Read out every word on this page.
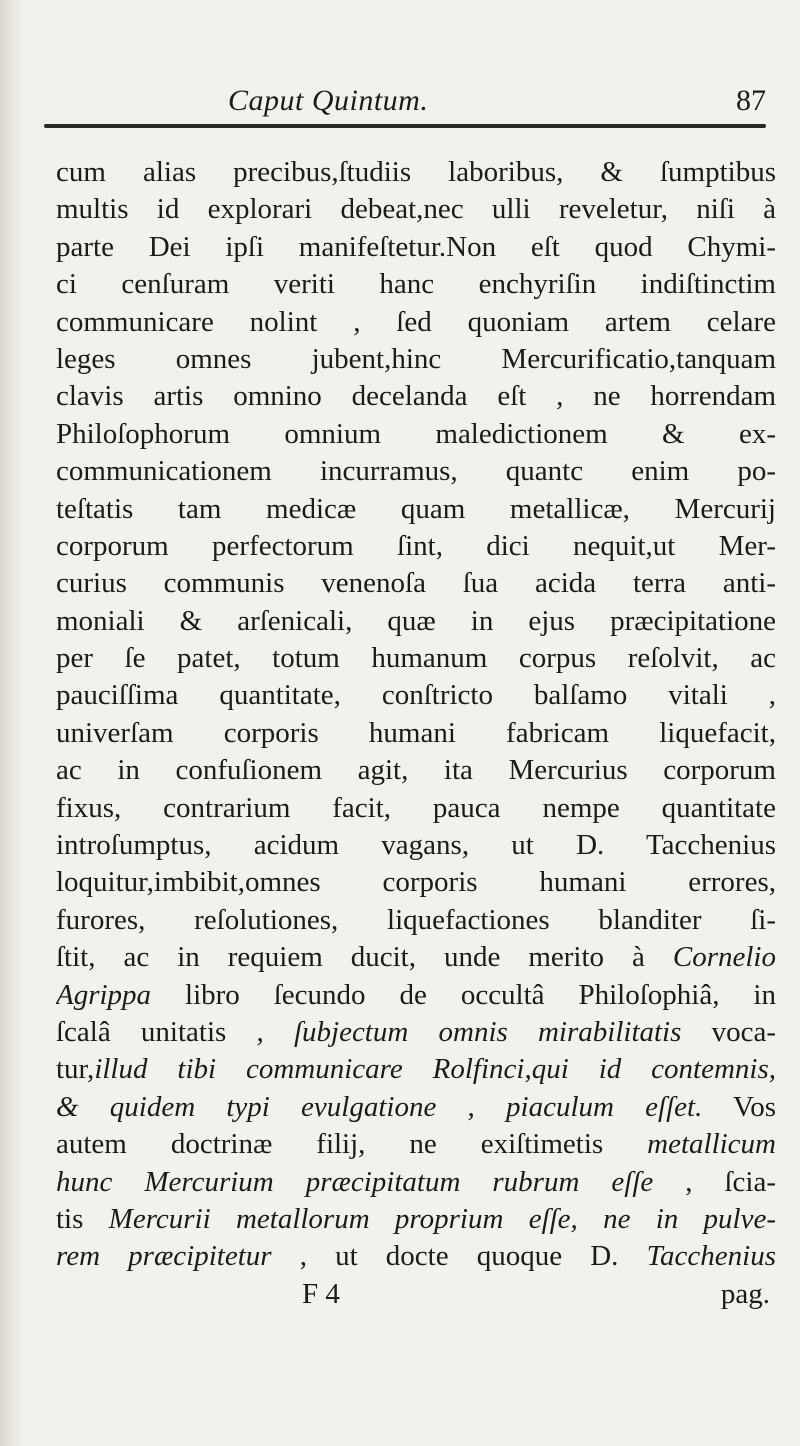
Caput Quintum.	87
cum alias precibus,ſtudiis laboribus, & ſumptibus
multis id explorari debeat,nec ulli reveletur, niſi à
parte Dei ipſi manifeſtetur.Non eſt quod Chymi-
ci cenſuram veriti hanc enchyriſin indiſtinctim
communicare nolint , ſed quoniam artem celare
leges omnes jubent,hinc Mercurificatio,tanquam
clavis artis omnino decelanda eſt , ne horrendam
Philoſophorum omnium maledictionem & ex-
communicationem incurramus, quantc enim po-
teſtatis tam medicæ quam metallicæ, Mercurij
corporum perfectorum ſint, dici nequit,ut Mer-
curius communis venenoſa ſua acida terra anti-
moniali & arſenicali, quæ in ejus præcipitatione
per ſe patet, totum humanum corpus reſolvit, ac
pauciſſima quantitate, conſtricto balſamo vitali ,
univerſam corporis humani fabricam liquefacit,
ac in confuſionem agit, ita Mercurius corporum
fixus, contrarium facit, pauca nempe quantitate
introſumptus, acidum vagans, ut D. Tacchenius
loquitur,imbibit,omnes corporis humani errores,
furores, reſolutiones, liquefactiones blanditer ſi-
ſtit, ac in requiem ducit, unde merito à Cornelio
Agrippa libro ſecundo de occultâ Philoſophiâ, in
ſcalâ unitatis , ſubjectum omnis mirabilitatis voca-
tur,illud tibi communicare Rolfinci,qui id contemnis,
& quidem typi evulgatione , piaculum eſſet. Vos
autem doctrinæ filij, ne exiſtimetis metallicum
hunc Mercurium præcipitatum rubrum eſſe , ſcia-
tis Mercurii metallorum proprium eſſe, ne in pulve-
rem præcipitetur , ut docte quoque D. Tacchenius
F 4	pag.
